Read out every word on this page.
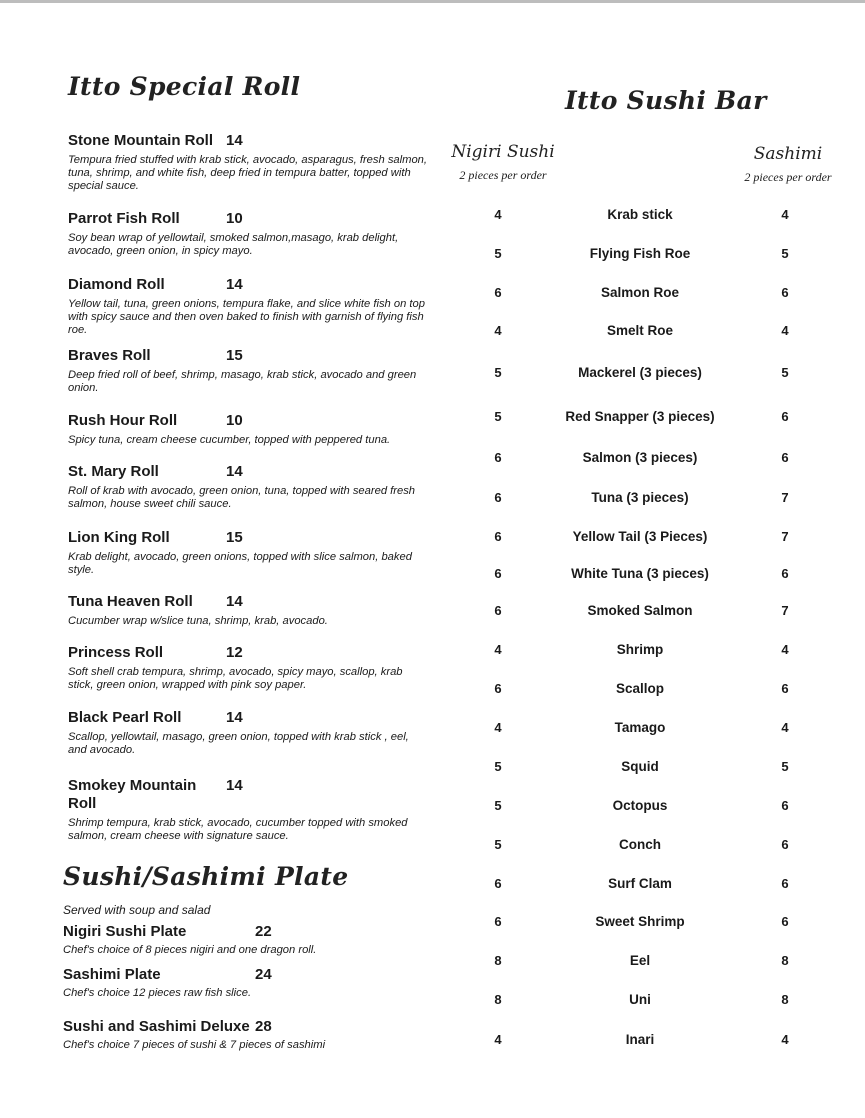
Itto Special Roll
Stone Mountain Roll 14
Tempura fried stuffed with krab stick, avocado, asparagus, fresh salmon, tuna, shrimp, and white fish, deep fried in tempura batter, topped with special sauce.
Parrot Fish Roll	10
Soy bean wrap of yellowtail, smoked salmon,masago, krab delight, avocado, green onion, in spicy mayo.
Diamond Roll	14
Yellow tail, tuna, green onions, tempura flake, and slice white fish on top with spicy sauce and then oven baked to finish with garnish of flying fish roe.
Braves Roll	15
Deep fried roll of beef, shrimp, masago, krab stick, avocado and green onion.
Rush Hour Roll	10
Spicy tuna, cream cheese cucumber, topped with peppered tuna.
St. Mary Roll	14
Roll of krab with avocado, green onion, tuna, topped with seared fresh salmon, house sweet chili sauce.
Lion King Roll	15
Krab delight, avocado, green onions, topped with slice salmon, baked style.
Tuna Heaven Roll	14
Cucumber wrap w/slice tuna, shrimp, krab, avocado.
Princess Roll	12
Soft shell crab tempura, shrimp, avocado, spicy mayo, scallop, krab stick, green onion, wrapped with pink soy paper.
Black Pearl Roll	14
Scallop, yellowtail, masago, green onion, topped with krab stick , eel, and avocado.
Smokey Mountain Roll
14
Shrimp tempura, krab stick, avocado, cucumber topped with smoked salmon, cream cheese with signature sauce.
Sushi/Sashimi Plate
Served with soup and salad
Nigiri Sushi Plate	22
Chef's choice of 8 pieces nigiri and one dragon roll.
Sashimi Plate	24
Chef's choice 12 pieces raw fish slice.
Sushi and Sashimi Deluxe 28
Chef's choice 7 pieces of sushi & 7 pieces of sashimi
Itto Sushi Bar
Nigiri Sushi
2 pieces per order
Sashimi
2 pieces per order
4	Krab stick	4
5	Flying Fish Roe	5
6	Salmon Roe	6
4	Smelt Roe	4
5	Mackerel (3 pieces)	5
5	Red Snapper (3 pieces)	6
6	Salmon (3 pieces)	6
6	Tuna (3 pieces)	7
6	Yellow Tail (3 Pieces)	7
6	White Tuna (3 pieces)	6
6	Smoked Salmon	7
4	Shrimp	4
6	Scallop	6
4	Tamago	4
5	Squid	5
5	Octopus	6
5	Conch	6
6	Surf Clam	6
6	Sweet Shrimp	6
8	Eel	8
8	Uni	8
4	Inari	4
